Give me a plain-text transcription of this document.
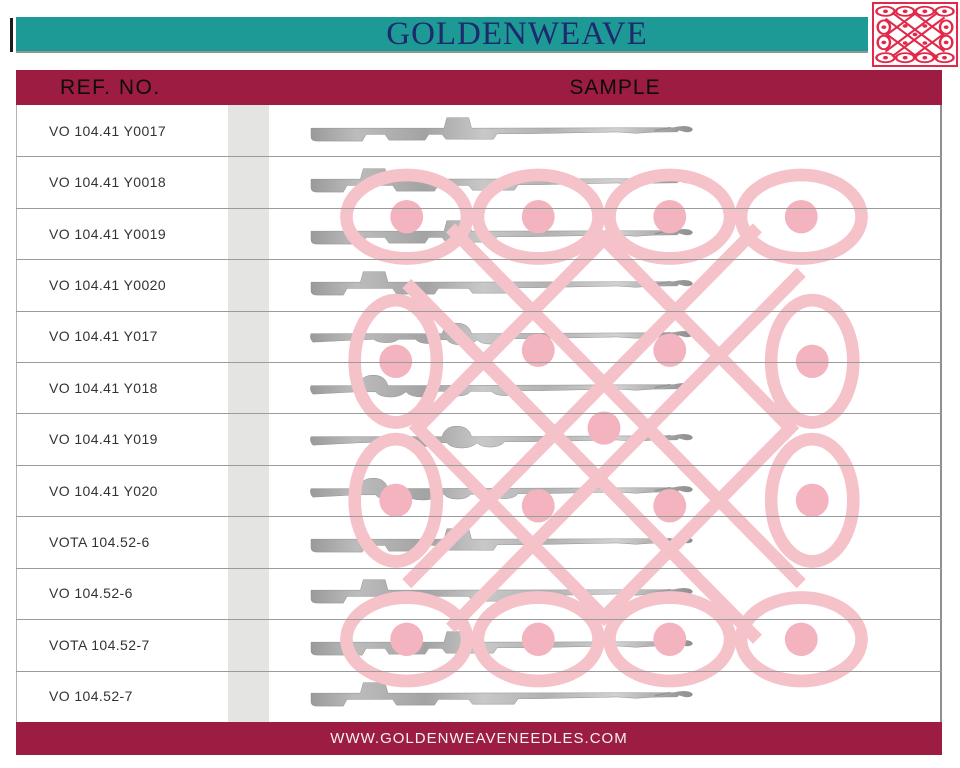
GOLDENWEAVE
REF. NO.	SAMPLE
VO 104.41 Y0017
VO 104.41 Y0018
VO 104.41 Y0019
VO 104.41 Y0020
VO 104.41 Y017
VO 104.41 Y018
VO 104.41 Y019
VO 104.41 Y020
VOTA 104.52-6
VO 104.52-6
VOTA 104.52-7
VO 104.52-7
WWW.GOLDENWEAVENEEDLES.COM
